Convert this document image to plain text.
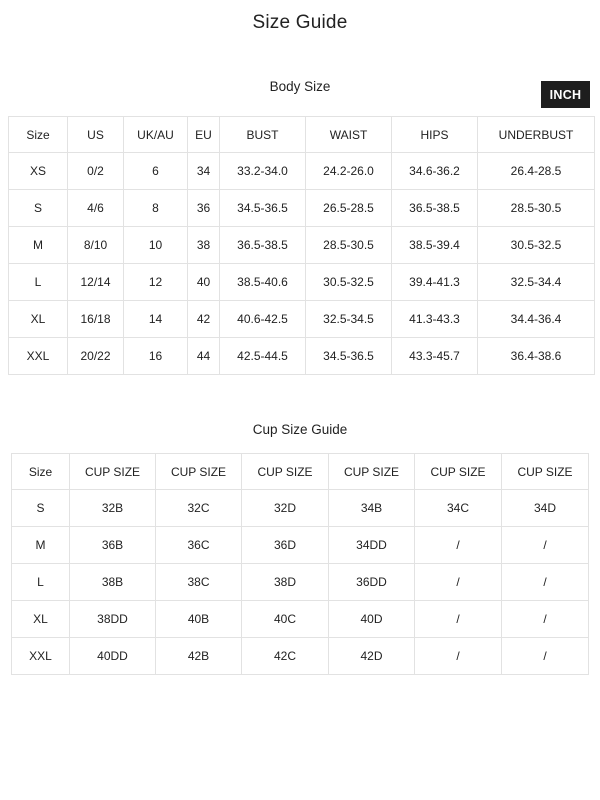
Size Guide
Body Size
INCH
Size	US	UK/AU	EU	BUST	WAIST	HIPS	UNDERBUST
XS	0/2	6	34	33.2-34.0	24.2-26.0	34.6-36.2	26.4-28.5
S	4/6	8	36	34.5-36.5	26.5-28.5	36.5-38.5	28.5-30.5
M	8/10	10	38	36.5-38.5	28.5-30.5	38.5-39.4	30.5-32.5
L	12/14	12	40	38.5-40.6	30.5-32.5	39.4-41.3	32.5-34.4
XL	16/18	14	42	40.6-42.5	32.5-34.5	41.3-43.3	34.4-36.4
XXL	20/22	16	44	42.5-44.5	34.5-36.5	43.3-45.7	36.4-38.6
Cup Size Guide
Size	CUP SIZE	CUP SIZE	CUP SIZE	CUP SIZE	CUP SIZE	CUP SIZE
S	32B	32C	32D	34B	34C	34D
M	36B	36C	36D	34DD	/	/
L	38B	38C	38D	36DD	/	/
XL	38DD	40B	40C	40D	/	/
XXL	40DD	42B	42C	42D	/	/
